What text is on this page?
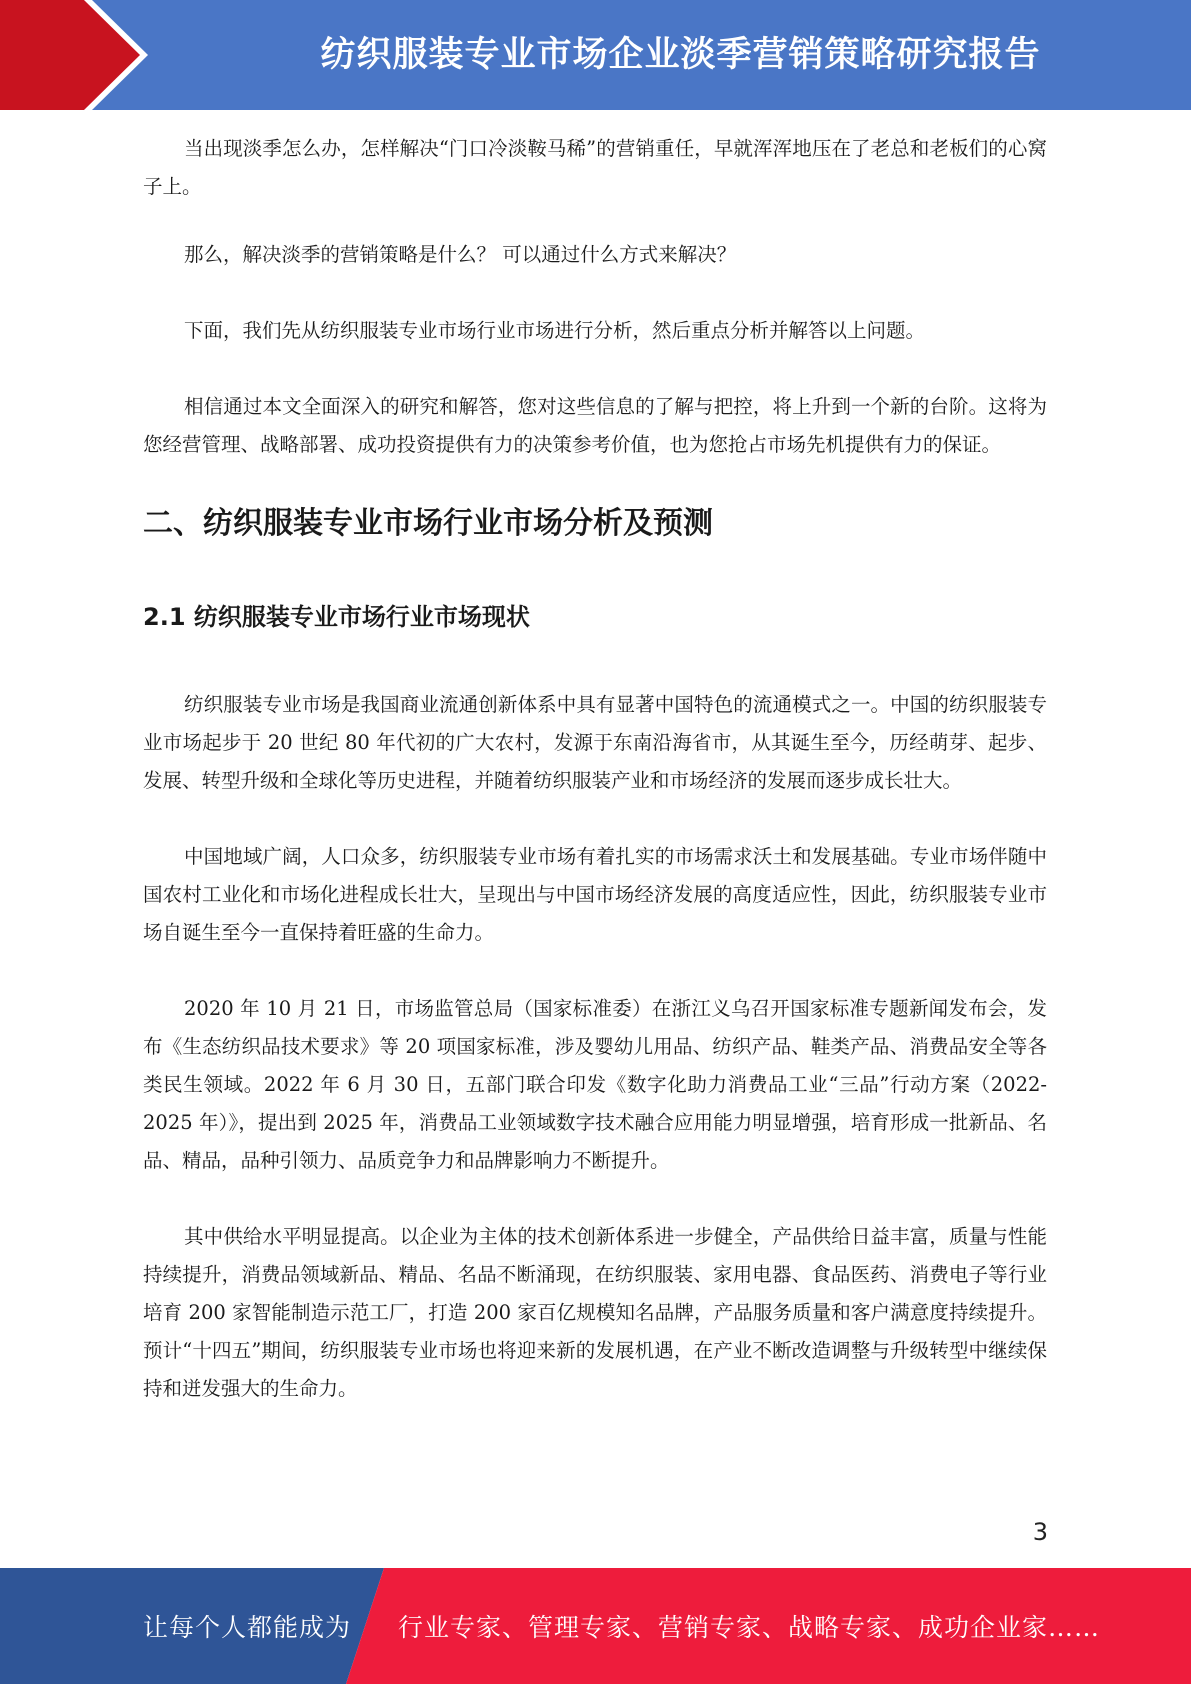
纺织服装专业市场企业淡季营销策略研究报告

当出现淡季怎么办，怎样解决“门口冷淡鞍马稀”的营销重任，早就浑浑地压在了老总和老板们的心窝子上。

那么，解决淡季的营销策略是什么？ 可以通过什么方式来解决？

下面，我们先从纺织服装专业市场行业市场进行分析，然后重点分析并解答以上问题。

相信通过本文全面深入的研究和解答，您对这些信息的了解与把控，将上升到一个新的台阶。这将为您经营管理、战略部署、成功投资提供有力的决策参考价值，也为您抢占市场先机提供有力的保证。

二、纺织服装专业市场行业市场分析及预测
2.1 纺织服装专业市场行业市场现状

纺织服装专业市场是我国商业流通创新体系中具有显著中国特色的流通模式之一。中国的纺织服装专业市场起步于 20 世纪 80 年代初的广大农村，发源于东南沿海省市，从其诞生至今，历经萌芽、起步、发展、转型升级和全球化等历史进程，并随着纺织服装产业和市场经济的发展而逐步成长壮大。

中国地域广阔，人口众多，纺织服装专业市场有着扎实的市场需求沃土和发展基础。专业市场伴随中国农村工业化和市场化进程成长壮大，呈现出与中国市场经济发展的高度适应性，因此，纺织服装专业市场自诞生至今一直保持着旺盛的生命力。

2020 年 10 月 21 日，市场监管总局（国家标准委）在浙江义乌召开国家标准专题新闻发布会，发布《生态纺织品技术要求》等 20 项国家标准，涉及婴幼儿用品、纺织产品、鞋类产品、消费品安全等各类民生领域。2022 年 6 月 30 日，五部门联合印发《数字化助力消费品工业“三品”行动方案（2022-2025 年）》，提出到 2025 年，消费品工业领域数字技术融合应用能力明显增强，培育形成一批新品、名品、精品，品种引领力、品质竞争力和品牌影响力不断提升。

其中供给水平明显提高。以企业为主体的技术创新体系进一步健全，产品供给日益丰富，质量与性能持续提升，消费品领域新品、精品、名品不断涌现，在纺织服装、家用电器、食品医药、消费电子等行业培育 200 家智能制造示范工厂，打造 200 家百亿规模知名品牌，产品服务质量和客户满意度持续提升。预计“十四五”期间，纺织服装专业市场也将迎来新的发展机遇，在产业不断改造调整与升级转型中继续保持和迸发强大的生命力。

3
让每个人都能成为 行业专家、管理专家、营销专家、战略专家、成功企业家……
